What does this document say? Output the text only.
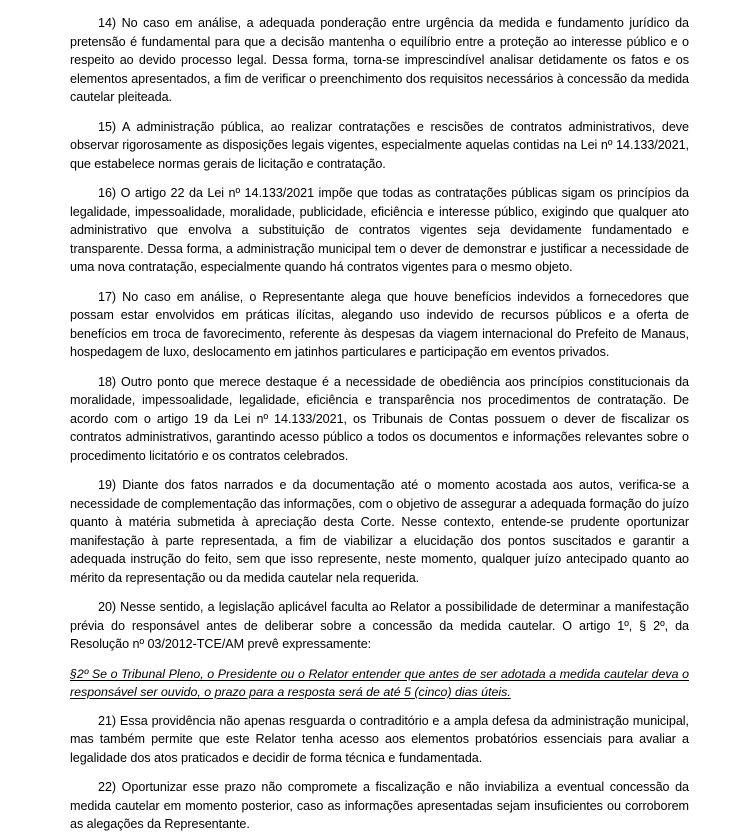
14) No caso em análise, a adequada ponderação entre urgência da medida e fundamento jurídico da pretensão é fundamental para que a decisão mantenha o equilíbrio entre a proteção ao interesse público e o respeito ao devido processo legal. Dessa forma, torna-se imprescindível analisar detidamente os fatos e os elementos apresentados, a fim de verificar o preenchimento dos requisitos necessários à concessão da medida cautelar pleiteada.

15) A administração pública, ao realizar contratações e rescisões de contratos administrativos, deve observar rigorosamente as disposições legais vigentes, especialmente aquelas contidas na Lei nº 14.133/2021, que estabelece normas gerais de licitação e contratação.

16) O artigo 22 da Lei nº 14.133/2021 impõe que todas as contratações públicas sigam os princípios da legalidade, impessoalidade, moralidade, publicidade, eficiência e interesse público, exigindo que qualquer ato administrativo que envolva a substituição de contratos vigentes seja devidamente fundamentado e transparente. Dessa forma, a administração municipal tem o dever de demonstrar e justificar a necessidade de uma nova contratação, especialmente quando há contratos vigentes para o mesmo objeto.

17) No caso em análise, o Representante alega que houve benefícios indevidos a fornecedores que possam estar envolvidos em práticas ilícitas, alegando uso indevido de recursos públicos e a oferta de benefícios em troca de favorecimento, referente às despesas da viagem internacional do Prefeito de Manaus, hospedagem de luxo, deslocamento em jatinhos particulares e participação em eventos privados.

18) Outro ponto que merece destaque é a necessidade de obediência aos princípios constitucionais da moralidade, impessoalidade, legalidade, eficiência e transparência nos procedimentos de contratação. De acordo com o artigo 19 da Lei nº 14.133/2021, os Tribunais de Contas possuem o dever de fiscalizar os contratos administrativos, garantindo acesso público a todos os documentos e informações relevantes sobre o procedimento licitatório e os contratos celebrados.

19) Diante dos fatos narrados e da documentação até o momento acostada aos autos, verifica-se a necessidade de complementação das informações, com o objetivo de assegurar a adequada formação do juízo quanto à matéria submetida à apreciação desta Corte. Nesse contexto, entende-se prudente oportunizar manifestação à parte representada, a fim de viabilizar a elucidação dos pontos suscitados e garantir a adequada instrução do feito, sem que isso represente, neste momento, qualquer juízo antecipado quanto ao mérito da representação ou da medida cautelar nela requerida.

20) Nesse sentido, a legislação aplicável faculta ao Relator a possibilidade de determinar a manifestação prévia do responsável antes de deliberar sobre a concessão da medida cautelar. O artigo 1º, § 2º, da Resolução nº 03/2012-TCE/AM prevê expressamente:

§2º Se o Tribunal Pleno, o Presidente ou o Relator entender que antes de ser adotada a medida cautelar deva o responsável ser ouvido, o prazo para a resposta será de até 5 (cinco) dias úteis.

21) Essa providência não apenas resguarda o contraditório e a ampla defesa da administração municipal, mas também permite que este Relator tenha acesso aos elementos probatórios essenciais para avaliar a legalidade dos atos praticados e decidir de forma técnica e fundamentada.

22) Oportunizar esse prazo não compromete a fiscalização e não inviabiliza a eventual concessão da medida cautelar em momento posterior, caso as informações apresentadas sejam insuficientes ou corroborem as alegações da Representante.
